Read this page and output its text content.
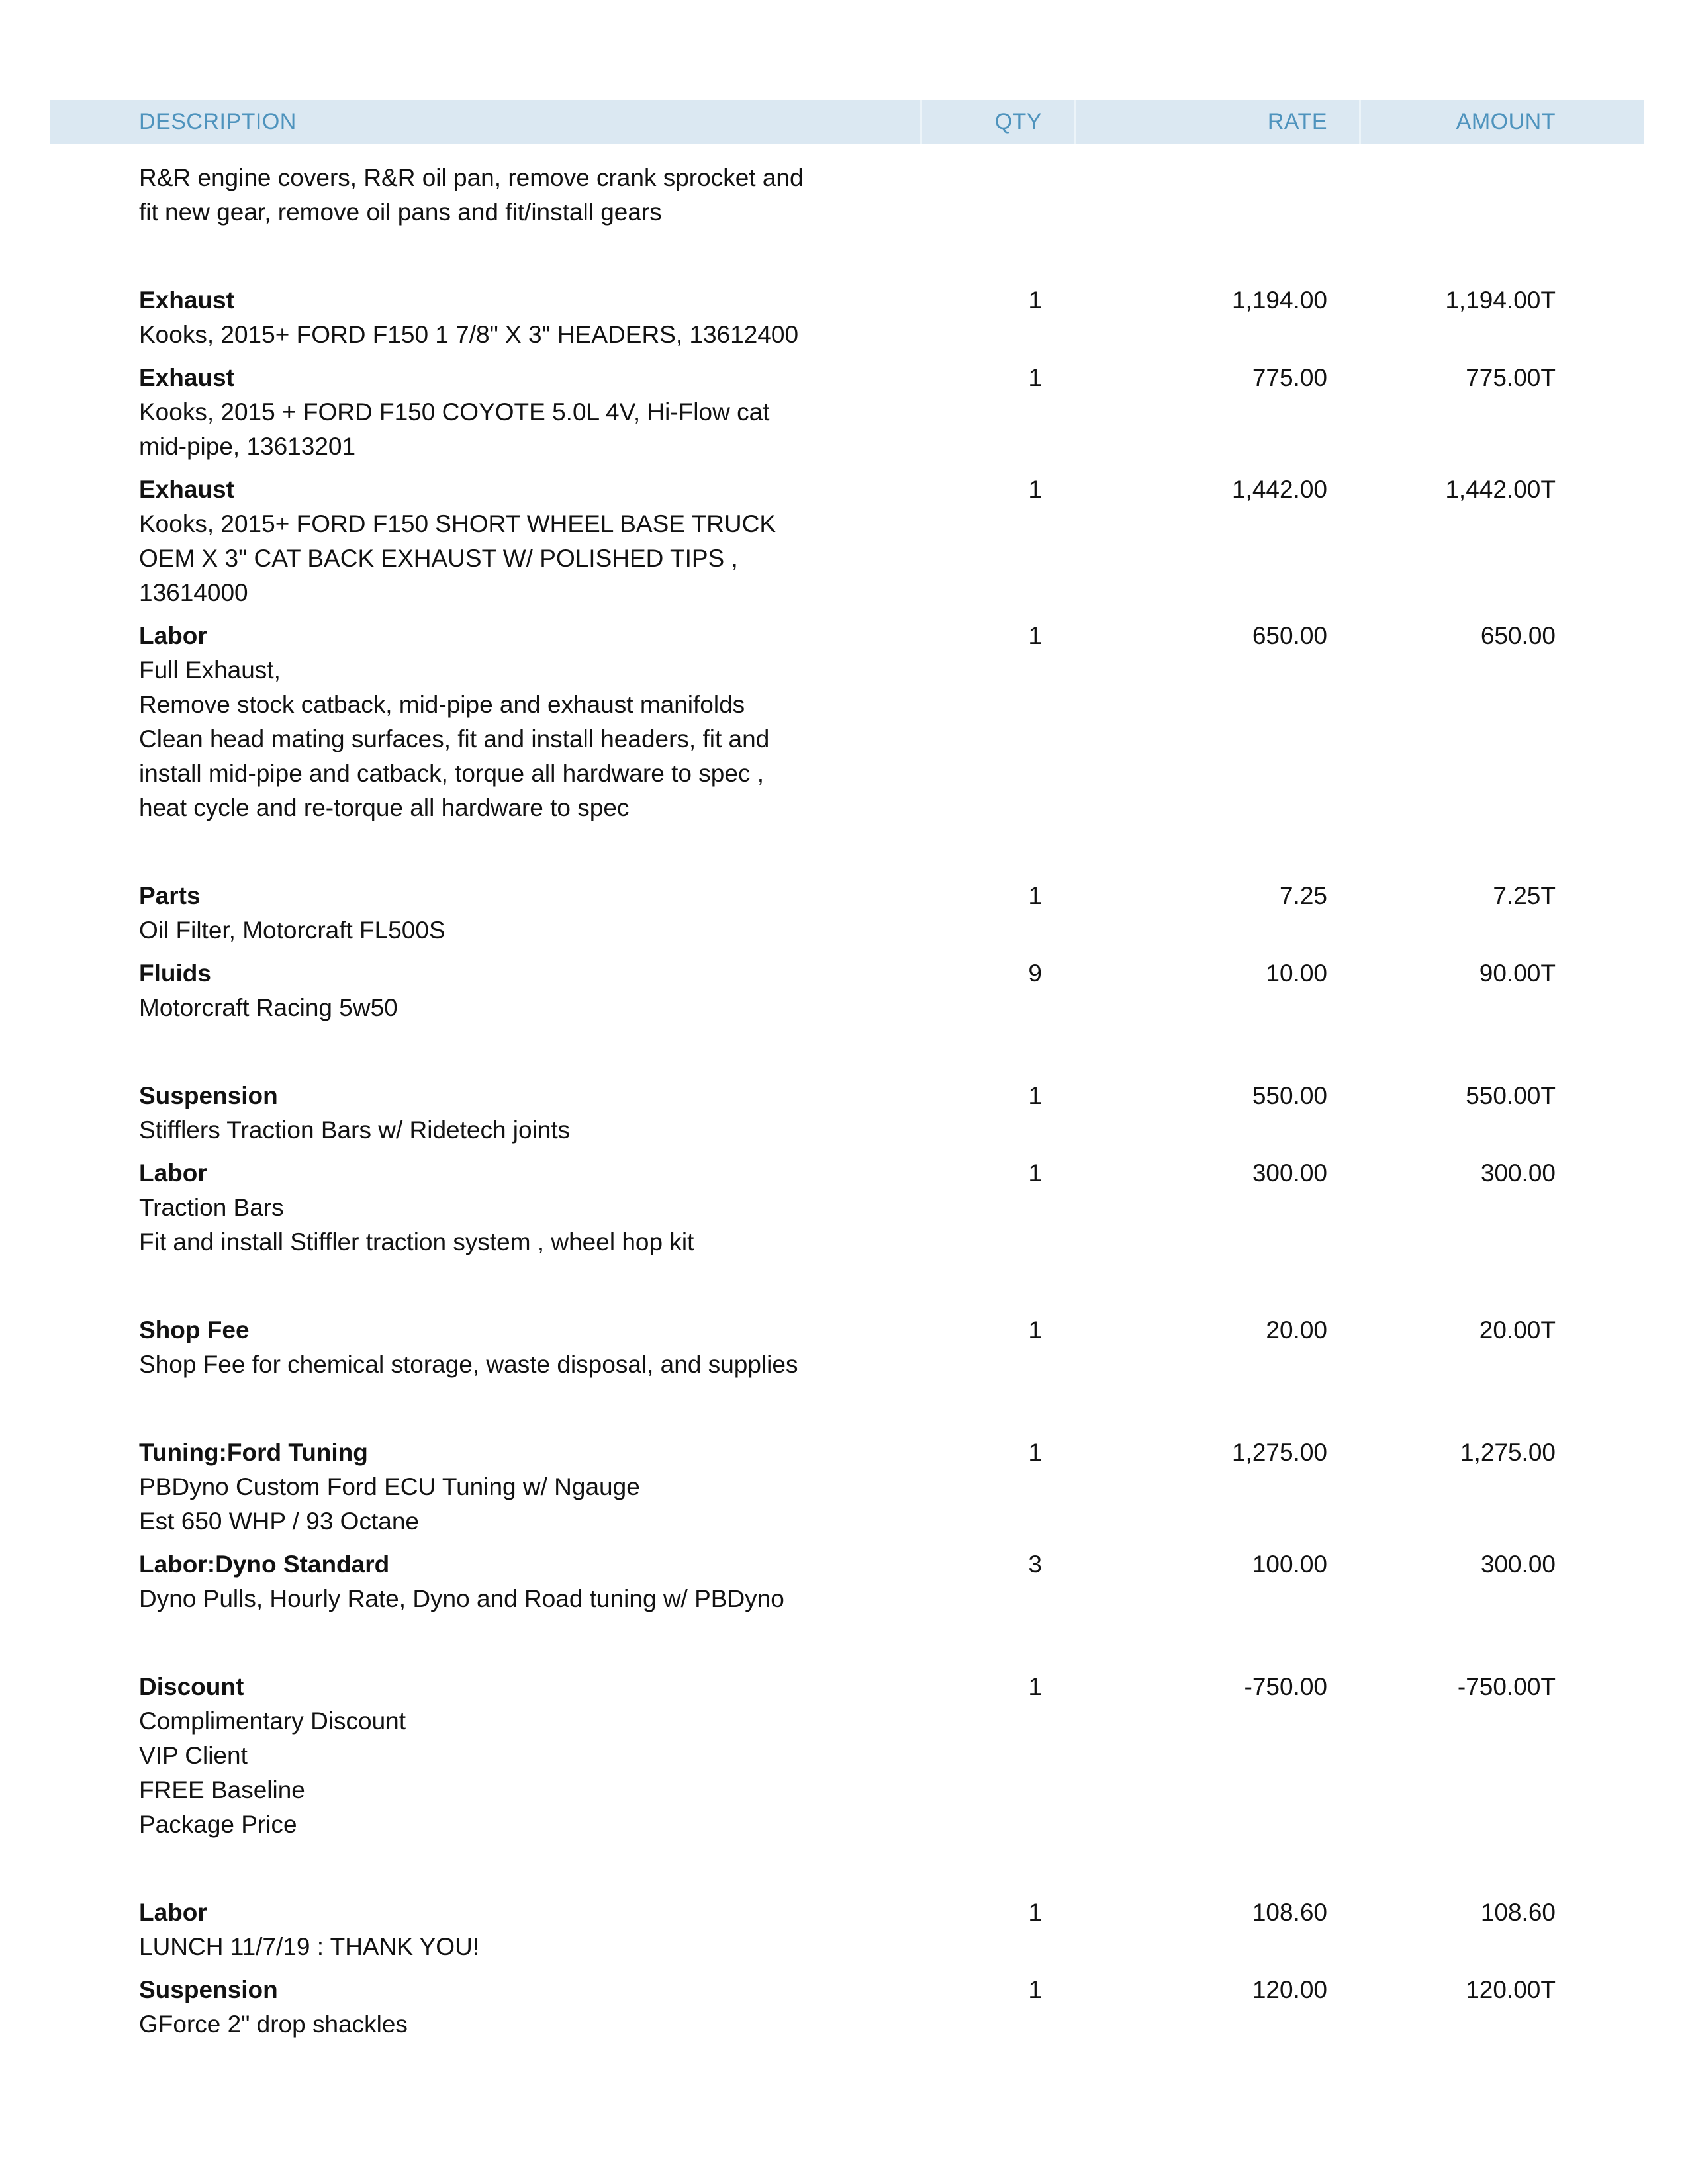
DESCRIPTION	QTY	RATE	AMOUNT
R&R engine covers, R&R oil pan, remove crank sprocket and
fit new gear, remove oil pans and fit/install gears
Exhaust
Kooks, 2015+ FORD F150 1 7/8" X 3" HEADERS, 13612400
1	1,194.00	1,194.00T
Exhaust
Kooks, 2015 + FORD F150 COYOTE 5.0L 4V, Hi-Flow cat
mid-pipe, 13613201
1	775.00	775.00T
Exhaust
Kooks, 2015+ FORD F150 SHORT WHEEL BASE TRUCK
OEM X 3" CAT BACK EXHAUST W/ POLISHED TIPS ,
13614000
1	1,442.00	1,442.00T
Labor
Full Exhaust,
Remove stock catback, mid-pipe and exhaust manifolds
Clean head mating surfaces, fit and install headers, fit and
install mid-pipe and catback, torque all hardware to spec ,
heat cycle and re-torque all hardware to spec
1	650.00	650.00
Parts
Oil Filter, Motorcraft FL500S
1	7.25	7.25T
Fluids
Motorcraft Racing 5w50
9	10.00	90.00T
Suspension
Stifflers Traction Bars w/ Ridetech joints
1	550.00	550.00T
Labor
Traction Bars
Fit and install Stiffler traction system , wheel hop kit
1	300.00	300.00
Shop Fee
Shop Fee for chemical storage, waste disposal, and supplies
1	20.00	20.00T
Tuning:Ford Tuning
PBDyno Custom Ford ECU Tuning w/ Ngauge
Est 650 WHP / 93 Octane
1	1,275.00	1,275.00
Labor:Dyno Standard
Dyno Pulls, Hourly Rate, Dyno and Road tuning w/ PBDyno
3	100.00	300.00
Discount
Complimentary Discount
VIP Client
FREE Baseline
Package Price
1	-750.00	-750.00T
Labor
LUNCH 11/7/19 : THANK YOU!
1	108.60	108.60
Suspension
GForce 2" drop shackles
1	120.00	120.00T
